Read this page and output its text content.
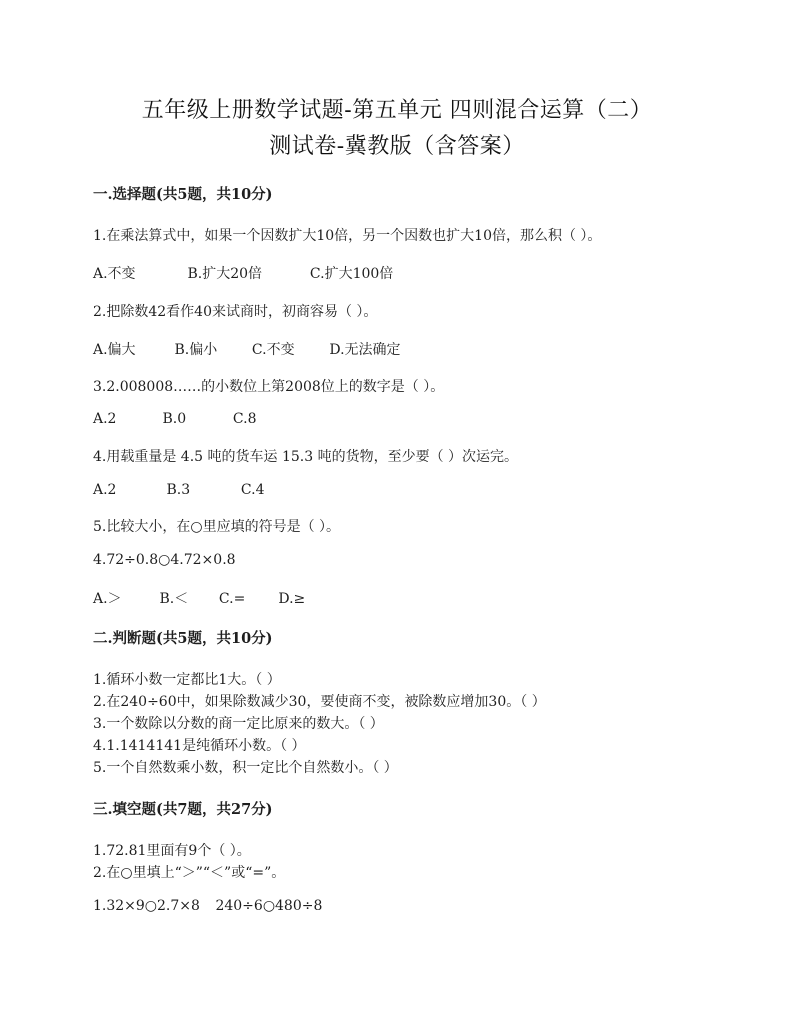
五年级上册数学试题-第五单元 四则混合运算（二）
测试卷-冀教版（含答案）
一.选择题(共5题，共10分)
1.在乘法算式中，如果一个因数扩大10倍，另一个因数也扩大10倍，那么积（ ）。
A.不变	B.扩大20倍	C.扩大100倍
2.把除数42看作40来试商时，初商容易（ ）。
A.偏大	B.偏小 C.不变 D.无法确定
3.2.008008……的小数位上第2008位上的数字是（ ）。
A.2	B.0	C.8
4.用载重量是 4.5 吨的货车运 15.3 吨的货物，至少要（ ）次运完。
A.2	B.3	C.4
5.比较大小，在○里应填的符号是（ ）。
4.72÷0.8○4.72×0.8
A.＞	B.＜ C.= D.≥
二.判断题(共5题，共10分)
1.循环小数一定都比1大。（ ）
2.在240÷60中，如果除数减少30，要使商不变，被除数应增加30。（ ）
3.一个数除以分数的商一定比原来的数大。（ ）
4.1.1414141是纯循环小数。（ ）
5.一个自然数乘小数，积一定比个自然数小。（ ）
三.填空题(共7题，共27分)
1.72.81里面有9个（ ）。
2.在○里填上“＞”“＜”或“=”。
1.32×9○2.7×8 240÷6○480÷8
